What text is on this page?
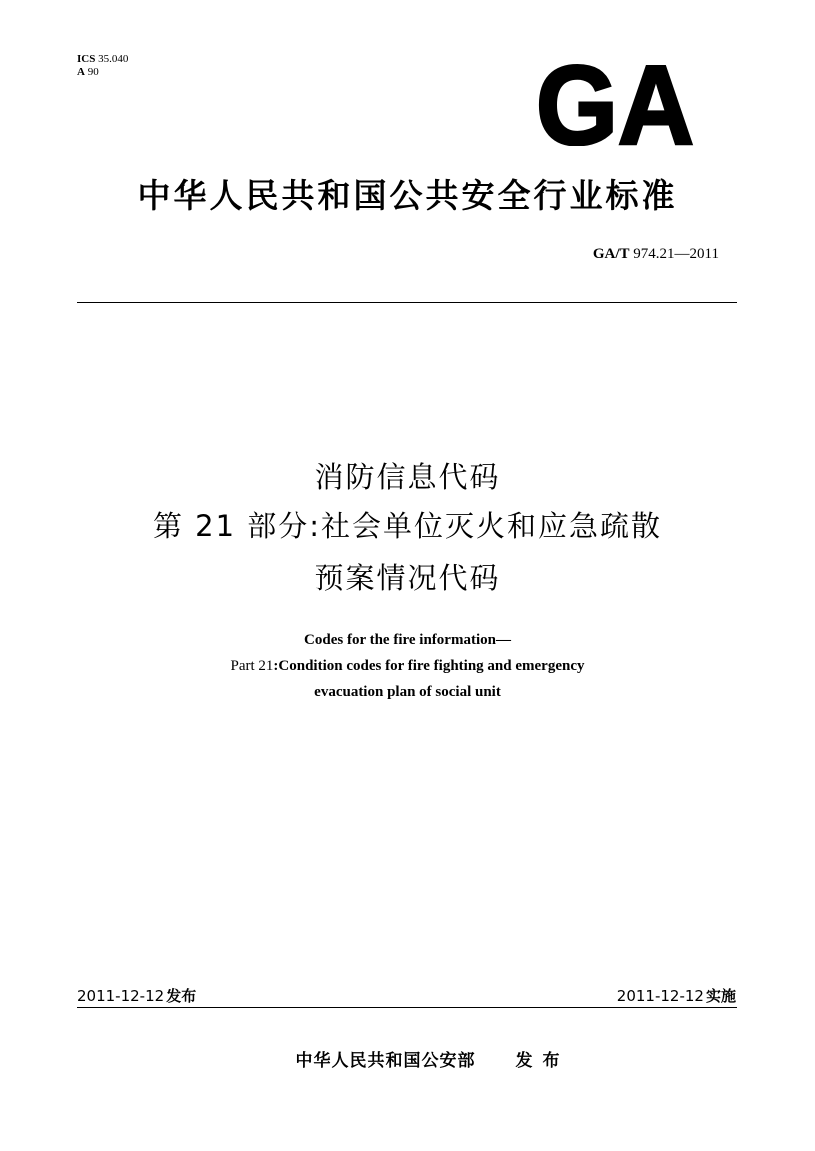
ICS 35.040
A 90	GA
中华人民共和国公共安全行业标准
GA/T 974.21—2011
消防信息代码
第 21 部分:社会单位灭火和应急疏散
预案情况代码
Codes for the fire information—
Part 21:Condition codes for fire fighting and emergency
evacuation plan of social unit
2011-12-12 发布	2011-12-12 实施
中华人民共和国公安部 发布
